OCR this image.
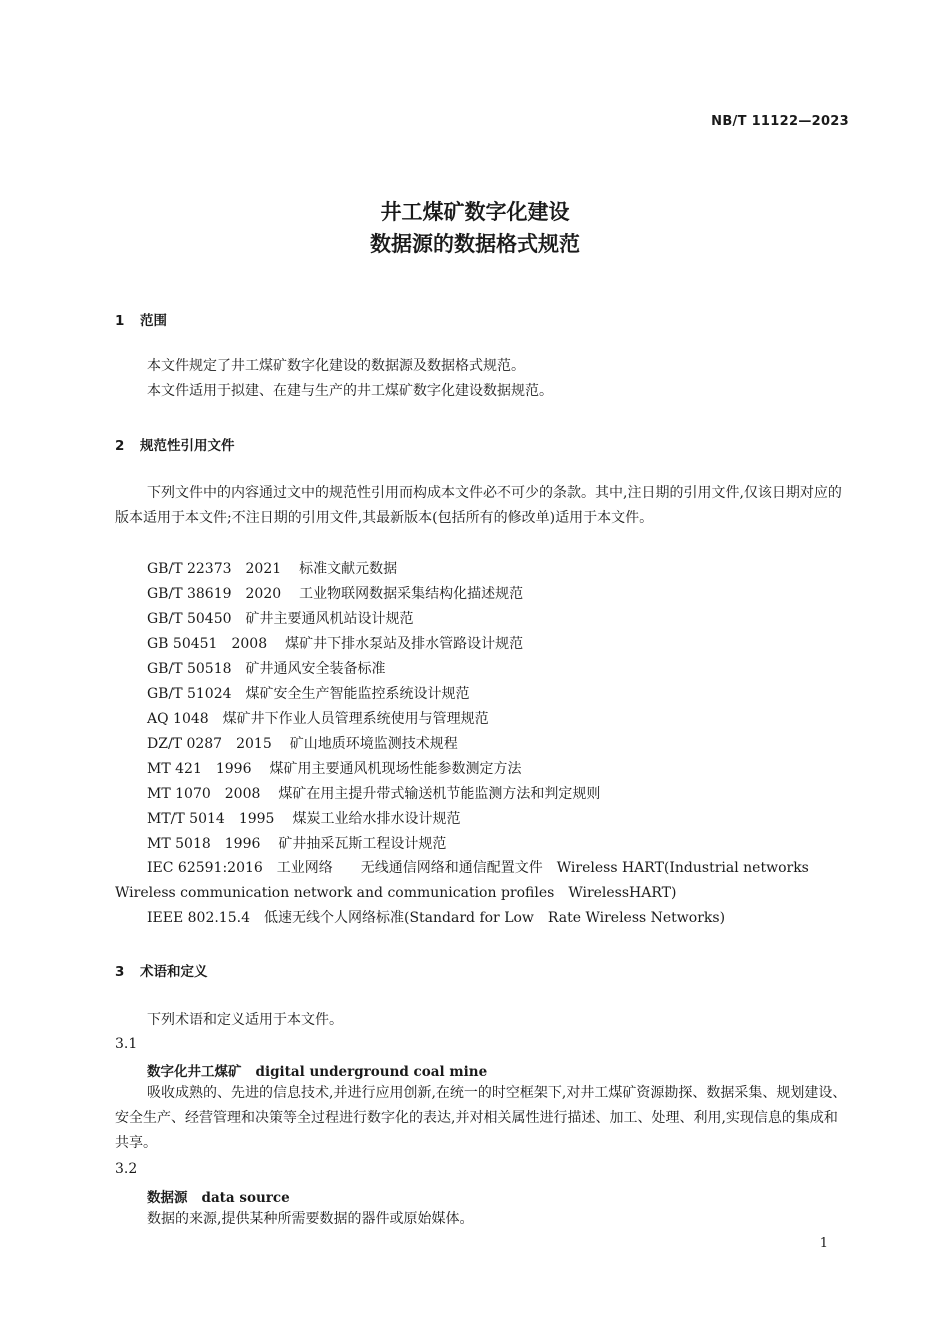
NB/T 11122—2023
井工煤矿数字化建设
数据源的数据格式规范
1 范围
本文件规定了井工煤矿数字化建设的数据源及数据格式规范。
本文件适用于拟建、在建与生产的井工煤矿数字化建设数据规范。
2 规范性引用文件
下列文件中的内容通过文中的规范性引用而构成本文件必不可少的条款。其中,注日期的引用文件,仅该日期对应的版本适用于本文件;不注日期的引用文件,其最新版本(包括所有的修改单)适用于本文件。
GB/T 22373 2021 标准文献元数据
GB/T 38619 2020 工业物联网数据采集结构化描述规范
GB/T 50450 矿井主要通风机站设计规范
GB 50451 2008 煤矿井下排水泵站及排水管路设计规范
GB/T 50518 矿井通风安全装备标准
GB/T 51024 煤矿安全生产智能监控系统设计规范
AQ 1048 煤矿井下作业人员管理系统使用与管理规范
DZ/T 0287 2015 矿山地质环境监测技术规程
MT 421 1996 煤矿用主要通风机现场性能参数测定方法
MT 1070 2008 煤矿在用主提升带式输送机节能监测方法和判定规则
MT/T 5014 1995 煤炭工业给水排水设计规范
MT 5018 1996 矿井抽采瓦斯工程设计规范
IEC 62591:2016　工业网络　　无线通信网络和通信配置文件　Wireless HART(Industrial networks　Wireless communication network and communication profiles　WirelessHART)
IEEE 802.15.4　低速无线个人网络标准(Standard for Low　Rate Wireless Networks)
3 术语和定义
下列术语和定义适用于本文件。
3.1
数字化井工煤矿 digital underground coal mine
吸收成熟的、先进的信息技术,并进行应用创新,在统一的时空框架下,对井工煤矿资源勘探、数据采集、规划建设、安全生产、经营管理和决策等全过程进行数字化的表达,并对相关属性进行描述、加工、处理、利用,实现信息的集成和共享。
3.2
数据源 data source
数据的来源,提供某种所需要数据的器件或原始媒体。
1
